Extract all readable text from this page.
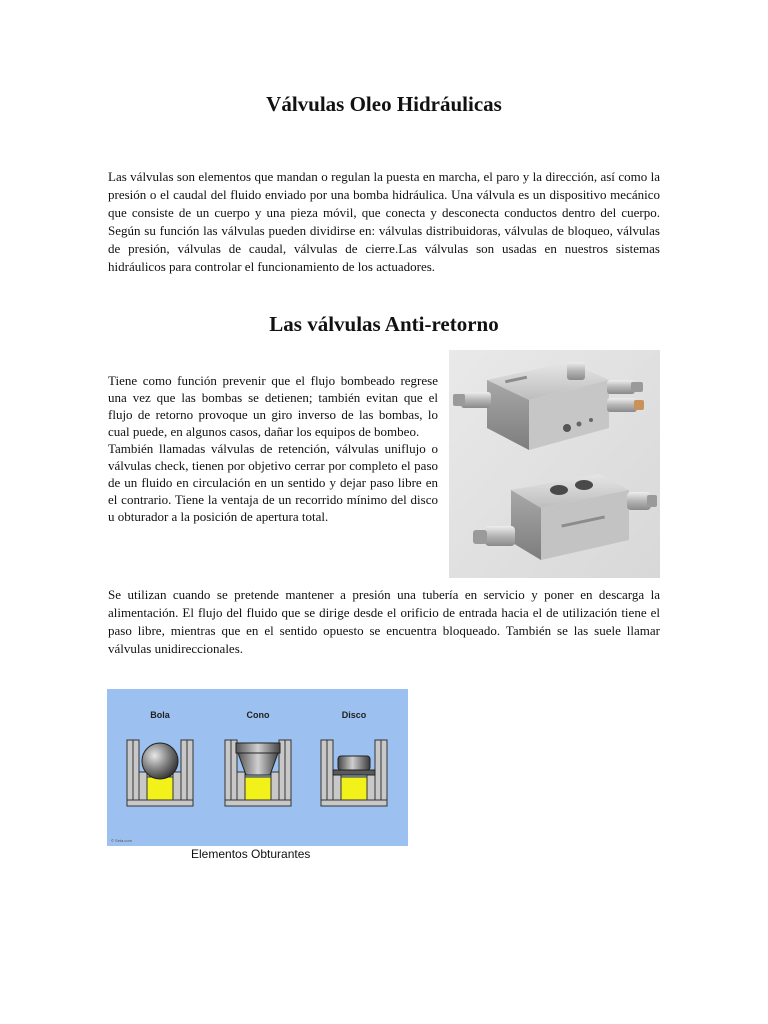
Válvulas Oleo Hidráulicas

Las válvulas son elementos que mandan o regulan la puesta en marcha, el paro y la dirección, así como la presión o el caudal del fluido enviado por una bomba hidráulica. Una válvula es un dispositivo mecánico que consiste de un cuerpo y una pieza móvil, que conecta y desconecta conductos dentro del cuerpo. Según su función las válvulas pueden dividirse en: válvulas distribuidoras, válvulas de bloqueo, válvulas de presión, válvulas de caudal, válvulas de cierre.Las válvulas son usadas en nuestros sistemas hidráulicos para controlar el funcionamiento de los actuadores.

Las válvulas Anti-retorno

Tiene como función prevenir que el flujo bombeado regrese una vez que las bombas se detienen; también evitan que el flujo de retorno provoque un giro inverso de las bombas, lo cual puede, en algunos casos, dañar los equipos de bombeo.

También llamadas válvulas de retención, válvulas uniflujo o válvulas check, tienen por objetivo cerrar por completo el paso de un fluido en circulación en un sentido y dejar paso libre en el contrario. Tiene la ventaja de un recorrido mínimo del disco u obturador a la posición de apertura total.

Se utilizan cuando se pretende mantener a presión una tubería en servicio y poner en descarga la alimentación. El flujo del fluido que se dirige desde el orificio de entrada hacia el de utilización tiene el paso libre, mientras que en el sentido opuesto se encuentra bloqueado. También se las suele llamar válvulas unidireccionales.

Bola	Cono	Disco
© Seta.com

Elementos Obturantes
